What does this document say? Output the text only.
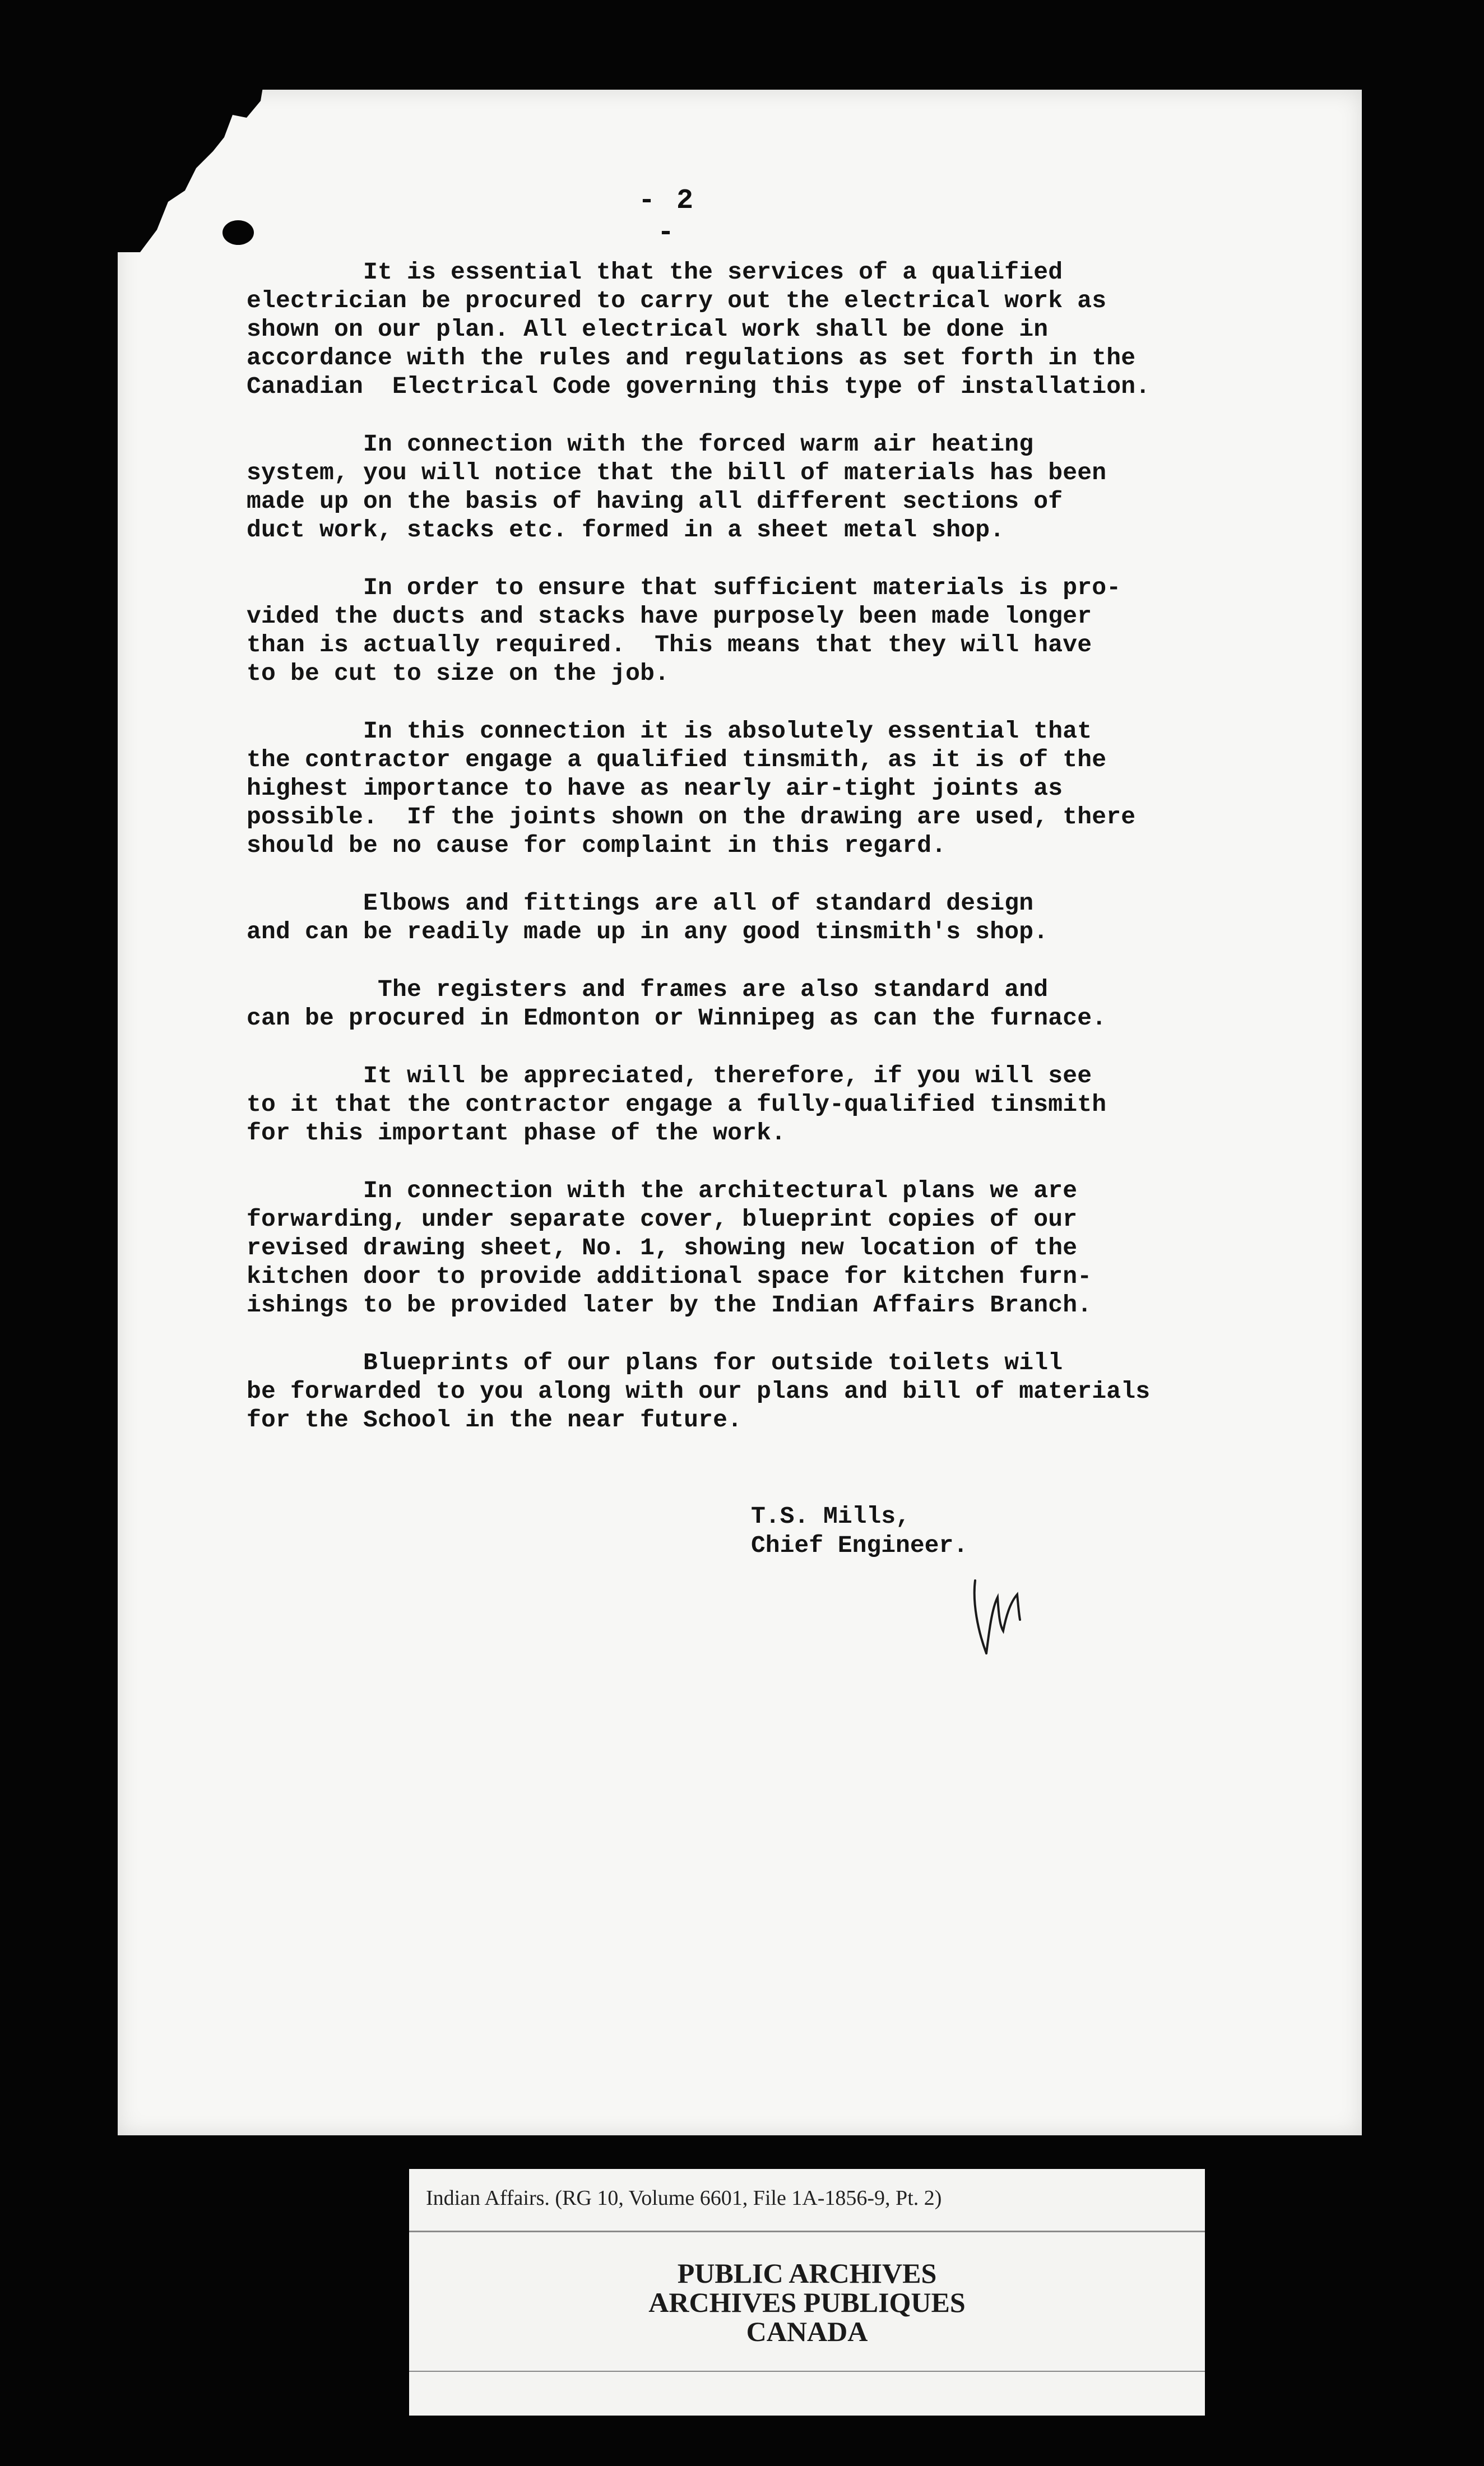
- 2 -
It is essential that the services of a qualified
electrician be procured to carry out the electrical work as
shown on our plan. All electrical work shall be done in
accordance with the rules and regulations as set forth in the
Canadian  Electrical Code governing this type of installation.
In connection with the forced warm air heating
system, you will notice that the bill of materials has been
made up on the basis of having all different sections of
duct work, stacks etc. formed in a sheet metal shop.
In order to ensure that sufficient materials is pro-
vided the ducts and stacks have purposely been made longer
than is actually required.  This means that they will have
to be cut to size on the job.
In this connection it is absolutely essential that
the contractor engage a qualified tinsmith, as it is of the
highest importance to have as nearly air-tight joints as
possible.  If the joints shown on the drawing are used, there
should be no cause for complaint in this regard.
Elbows and fittings are all of standard design
and can be readily made up in any good tinsmith's shop.
The registers and frames are also standard and
can be procured in Edmonton or Winnipeg as can the furnace.
It will be appreciated, therefore, if you will see
to it that the contractor engage a fully-qualified tinsmith
for this important phase of the work.
In connection with the architectural plans we are
forwarding, under separate cover, blueprint copies of our
revised drawing sheet, No. 1, showing new location of the
kitchen door to provide additional space for kitchen furn-
ishings to be provided later by the Indian Affairs Branch.
Blueprints of our plans for outside toilets will
be forwarded to you along with our plans and bill of materials
for the School in the near future.
T.S. Mills,
Chief Engineer.
Indian Affairs. (RG 10, Volume 6601, File 1A-1856-9, Pt. 2)
PUBLIC ARCHIVES
ARCHIVES PUBLIQUES
CANADA
